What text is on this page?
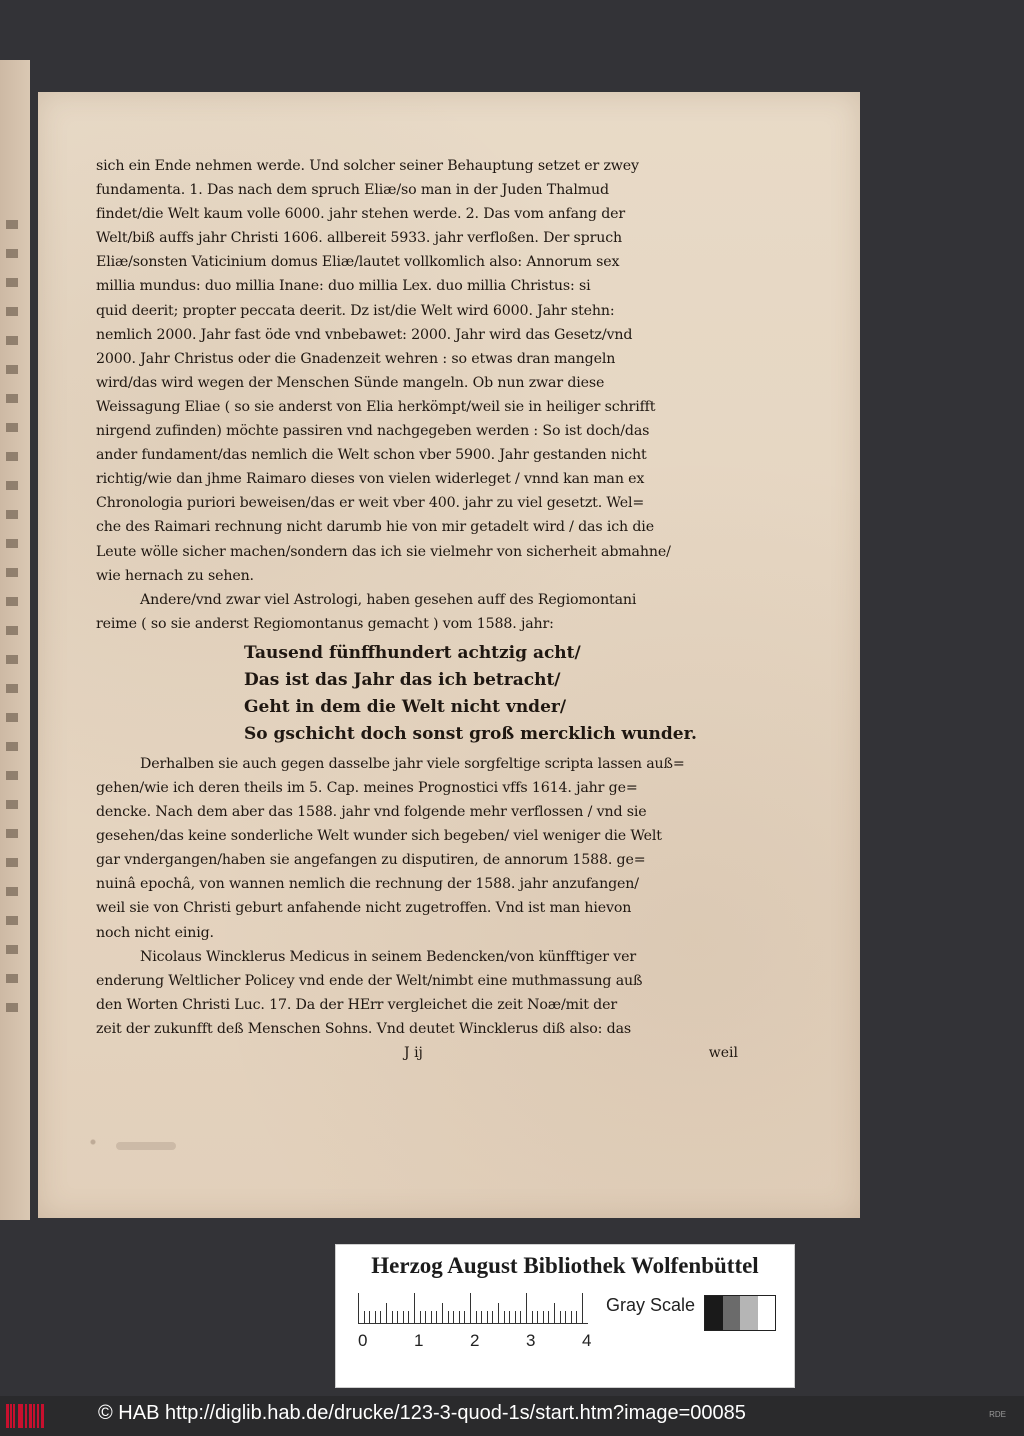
sich ein Ende nehmen werde. Und solcher seiner Behauptung setzet er zwey
fundamenta. 1. Das nach dem spruch Eliæ/so man in der Juden Thalmud
findet/die Welt kaum volle 6000. jahr stehen werde. 2. Das vom anfang der
Welt/biß auffs jahr Christi 1606. allbereit 5933. jahr verfloßen. Der spruch
Eliæ/sonsten Vaticinium domus Eliæ/lautet vollkomlich also: Annorum sex
millia mundus: duo millia Inane: duo millia Lex. duo millia Christus: si
quid deerit; propter peccata deerit. Dz ist/die Welt wird 6000. Jahr stehn:
nemlich 2000. Jahr fast öde vnd vnbebawet: 2000. Jahr wird das Gesetz/vnd
2000. Jahr Christus oder die Gnadenzeit wehren : so etwas dran mangeln
wird/das wird wegen der Menschen Sünde mangeln. Ob nun zwar diese
Weissagung Eliae ( so sie anderst von Elia herkömpt/weil sie in heiliger schrifft
nirgend zufinden) möchte passiren vnd nachgegeben werden : So ist doch/das
ander fundament/das nemlich die Welt schon vber 5900. Jahr gestanden nicht
richtig/wie dan jhme Raimaro dieses von vielen widerleget / vnnd kan man ex
Chronologia puriori beweisen/das er weit vber 400. jahr zu viel gesetzt. Wel=
che des Raimari rechnung nicht darumb hie von mir getadelt wird / das ich die
Leute wölle sicher machen/sondern das ich sie vielmehr von sicherheit abmahne/
wie hernach zu sehen.
Andere/vnd zwar viel Astrologi, haben gesehen auff des Regiomontani
reime ( so sie anderst Regiomontanus gemacht ) vom 1588. jahr:
Tausend fünffhundert achtzig acht/
Das ist das Jahr das ich betracht/
Geht in dem die Welt nicht vnder/
So gschicht doch sonst groß mercklich wunder.
Derhalben sie auch gegen dasselbe jahr viele sorgfeltige scripta lassen auß=
gehen/wie ich deren theils im 5. Cap. meines Prognostici vffs 1614. jahr ge=
dencke. Nach dem aber das 1588. jahr vnd folgende mehr verflossen / vnd sie
gesehen/das keine sonderliche Welt wunder sich begeben/ viel weniger die Welt
gar vndergangen/haben sie angefangen zu disputiren, de annorum 1588. ge=
nuinâ epochâ, von wannen nemlich die rechnung der 1588. jahr anzufangen/
weil sie von Christi geburt anfahende nicht zugetroffen. Vnd ist man hievon
noch nicht einig.
Nicolaus Wincklerus Medicus in seinem Bedencken/von künfftiger ver
enderung Weltlicher Policey vnd ende der Welt/nimbt eine muthmassung auß
den Worten Christi Luc. 17. Da der HErr vergleichet die zeit Noæ/mit der
zeit der zukunfft deß Menschen Sohns. Vnd deutet Wincklerus diß also: das
J ij	weil
Herzog August Bibliothek Wolfenbüttel
0	1	2	3	4
Gray Scale
© HAB http://diglib.hab.de/drucke/123-3-quod-1s/start.htm?image=00085	RDE
